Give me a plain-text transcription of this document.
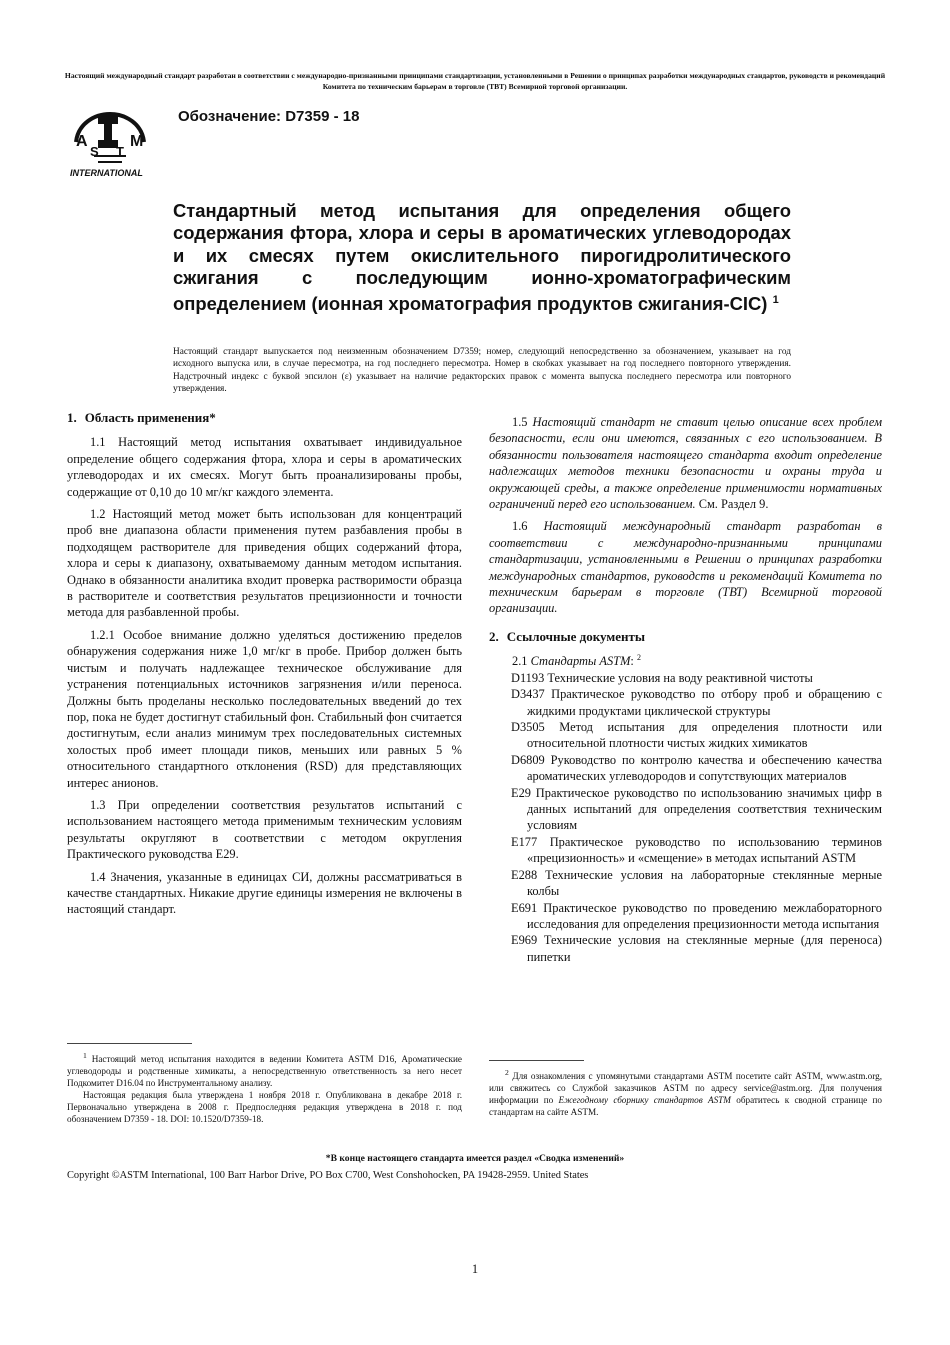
Настоящий международный стандарт разработан в соответствии с международно-признанными принципами стандартизации, установленными в Решении о принципах разработки международных стандартов, руководств и рекомендаций Комитета по техническим барьерам в торговле (ТВТ) Всемирной торговой организации.
A	M
S T
INTERNATIONAL
Обозначение: D7359 - 18
Стандартный метод испытания для определения общего содержания фтора, хлора и серы в ароматических углеводородах и их смесях путем окислительного пирогидролитического сжигания с последующим ионно-хроматографическим определением (ионная хроматография продуктов сжигания-CIC) $^1$
Настоящий стандарт выпускается под неизменным обозначением D7359; номер, следующий непосредственно за обозначением, указывает на год исходного выпуска или, в случае пересмотра, на год последнего пересмотра. Номер в скобках указывает на год последнего повторного утверждения. Надстрочный индекс с буквой эпсилон (ε) указывает на наличие редакторских правок с момента выпуска последнего пересмотра или повторного утверждения.

1. Область применения*

1.1 Настоящий метод испытания охватывает индивидуальное определение общего содержания фтора, хлора и серы в ароматических углеводородах и их смесях. Могут быть проанализированы пробы, содержащие от 0,10 до 10 мг/кг каждого элемента.

1.2 Настоящий метод может быть использован для концентраций проб вне диапазона области применения путем разбавления пробы в подходящем растворителе для приведения общих содержаний фтора, хлора и серы к диапазону, охватываемому данным методом испытания. Однако в обязанности аналитика входит проверка растворимости образца в растворителе и соответствия результатов прецизионности и точности метода для разбавленной пробы.

1.2.1 Особое внимание должно уделяться достижению пределов обнаружения содержания ниже 1,0 мг/кг в пробе. Прибор должен быть чистым и получать надлежащее техническое обслуживание для устранения потенциальных источников загрязнения и/или переноса. Должны быть проделаны несколько последовательных введений до тех пор, пока не будет достигнут стабильный фон. Стабильный фон считается достигнутым, если анализ минимум трех последовательных системных холостых проб имеет площади пиков, меньших или равных 5 % относительного стандартного отклонения (RSD) для представляющих интерес анионов.

1.3 При определении соответствия результатов испытаний с использованием настоящего метода применимым техническим условиям результаты округляют в соответствии с методом округления Практического руководства E29.

1.4 Значения, указанные в единицах СИ, должны рассматриваться в качестве стандартных. Никакие другие единицы измерения не включены в настоящий стандарт.

$^1$ Настоящий метод испытания находится в ведении Комитета ASTM D16, Ароматические углеводороды и родственные химикаты, а непосредственную ответственность за него несет Подкомитет D16.04 по Инструментальному анализу.

Настоящая редакция была утверждена 1 ноября 2018 г. Опубликована в декабре 2018 г. Первоначально утверждена в 2008 г. Предпоследняя редакция утверждена в 2018 г. под обозначением D7359 - 18. DOI: 10.1520/D7359-18.

1.5 Настоящий стандарт не ставит целью описание всех проблем безопасности, если они имеются, связанных с его использованием. В обязанности пользователя настоящего стандарта входит определение надлежащих методов техники безопасности и охраны труда и окружающей среды, а также определение применимости нормативных ограничений перед его использованием. См. Раздел 9.

1.6 Настоящий международный стандарт разработан в соответствии с международно-признанными принципами стандартизации, установленными в Решении о принципах разработки международных стандартов, руководств и рекомендаций Комитета по техническим барьерам в торговле (ТВТ) Всемирной торговой организации.

2. Ссылочные документы

2.1 Стандарты ASTM: $^2$

D1193 Технические условия на воду реактивной чистоты

D3437 Практическое руководство по отбору проб и обращению с жидкими продуктами циклической структуры

D3505 Метод испытания для определения плотности или относительной плотности чистых жидких химикатов

D6809 Руководство по контролю качества и обеспечению качества ароматических углеводородов и сопутствующих материалов

E29 Практическое руководство по использованию значимых цифр в данных испытаний для определения соответствия техническим условиям

E177 Практическое руководство по использованию терминов «прецизионность» и «смещение» в методах испытаний ASTM

E288 Технические условия на лабораторные стеклянные мерные колбы

E691 Практическое руководство по проведению межлабораторного исследования для определения прецизионности метода испытания

E969 Технические условия на стеклянные мерные (для переноса) пипетки

$^2$ Для ознакомления с упомянутыми стандартами ASTM посетите сайт ASTM, www.astm.org, или свяжитесь со Службой заказчиков ASTM по адресу service@astm.org. Для получения информации по Ежегодному сборнику стандартов ASTM обратитесь к сводной странице по стандартам на сайте ASTM.

*В конце настоящего стандарта имеется раздел «Сводка изменений»
Copyright ©ASTM International, 100 Barr Harbor Drive, PO Box C700, West Conshohocken, PA 19428-2959. United States
1
